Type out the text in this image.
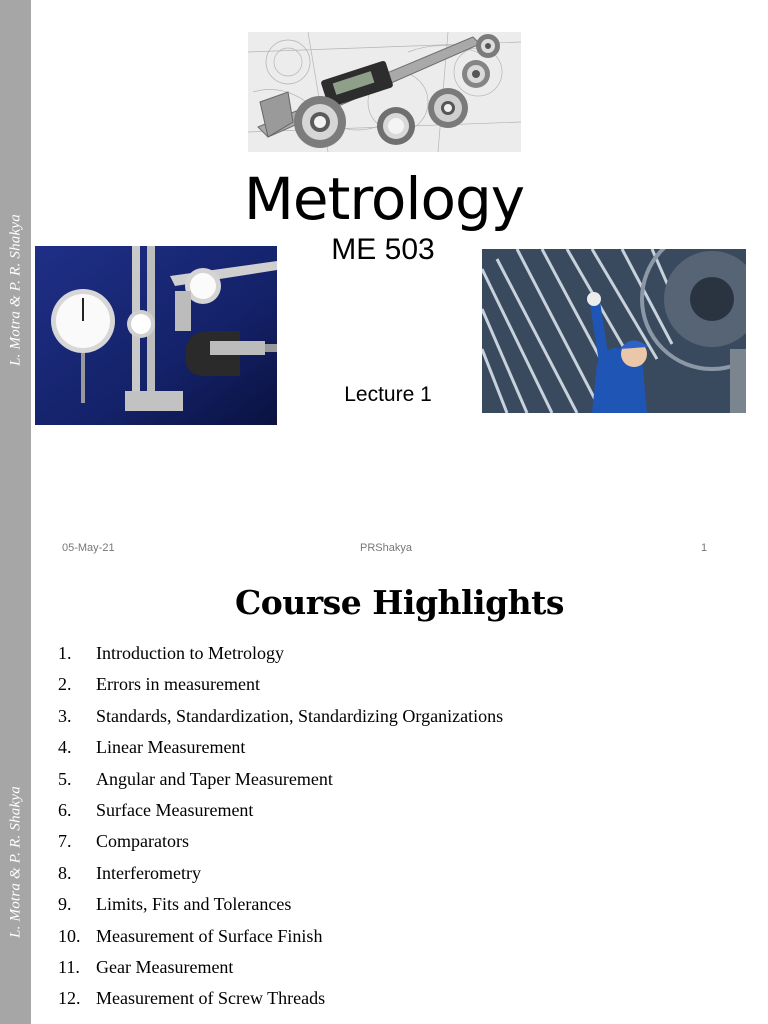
L. Motra & P. R. Shakya
L. Motra & P. R. Shakya
Metrology
ME 503
Lecture 1
05-May-21	PRShakya	1
Course Highlights
1. Introduction to Metrology
2. Errors in measurement
3. Standards, Standardization, Standardizing Organizations
4. Linear Measurement
5. Angular and Taper Measurement
6. Surface Measurement
7. Comparators
8. Interferometry
9. Limits, Fits and Tolerances
10. Measurement of Surface Finish
11. Gear Measurement
12. Measurement of Screw Threads
